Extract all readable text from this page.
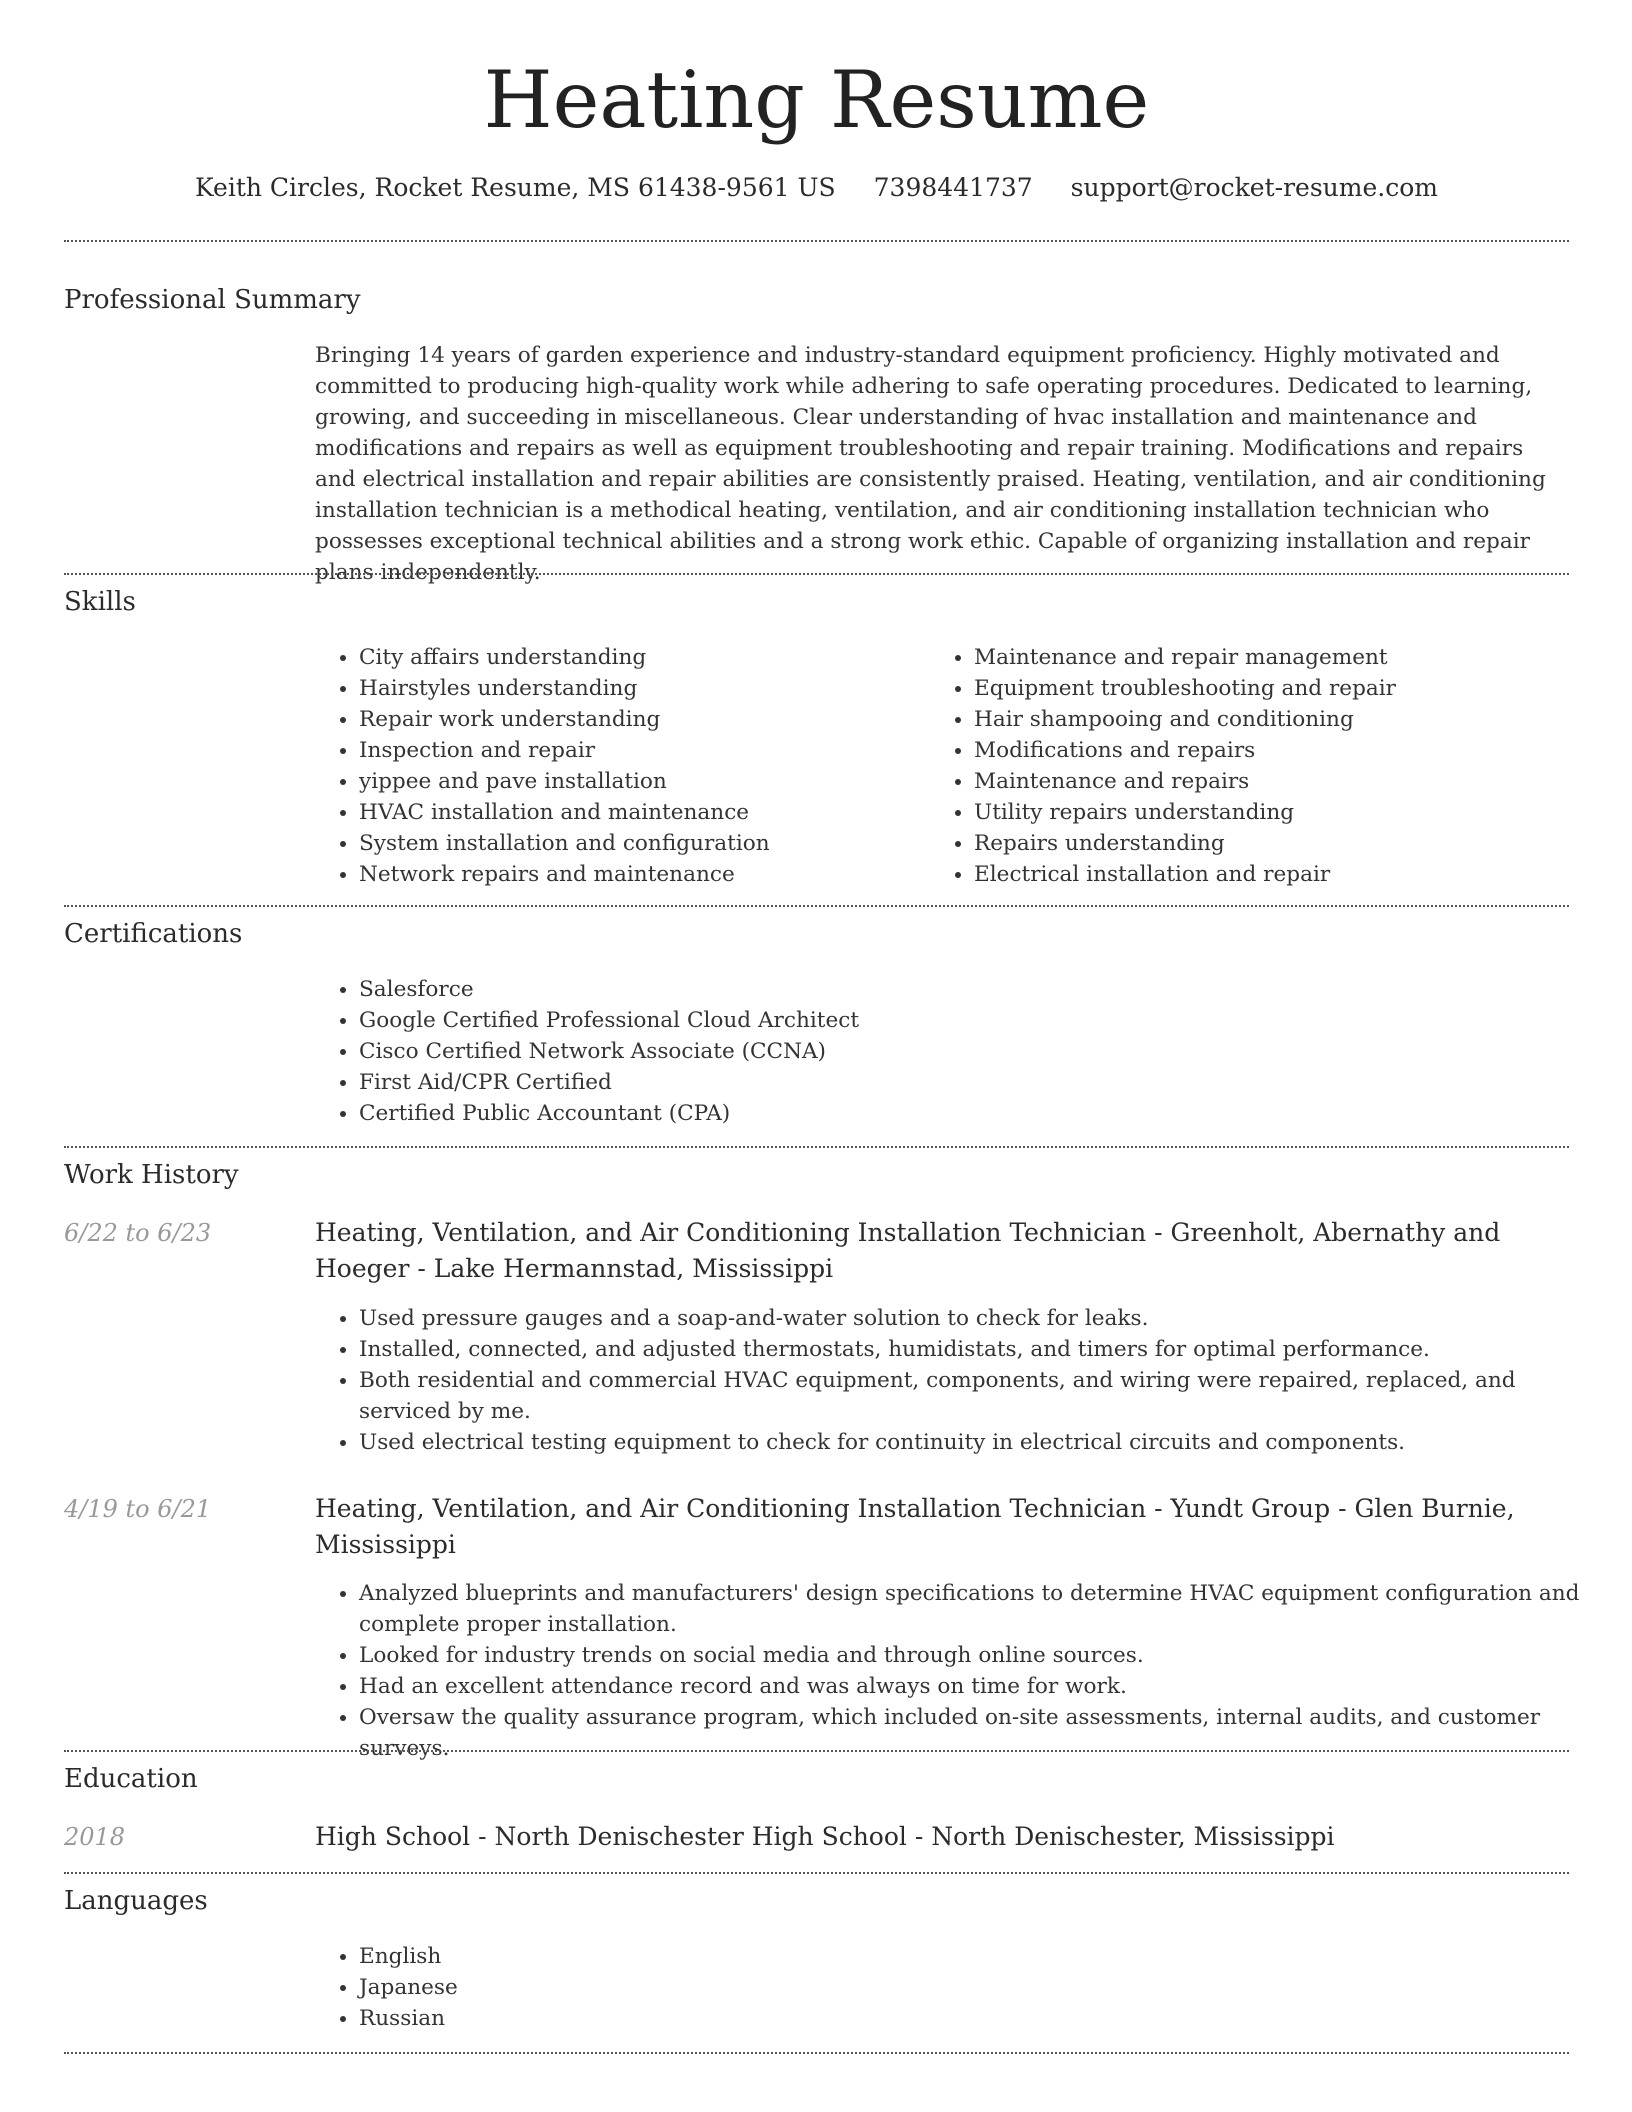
Heating Resume
Keith Circles, Rocket Resume, MS 61438-9561 US 7398441737 support@rocket-resume.com
Professional Summary
Bringing 14 years of garden experience and industry-standard equipment proficiency. Highly motivated and committed to producing high-quality work while adhering to safe operating procedures. Dedicated to learning, growing, and succeeding in miscellaneous. Clear understanding of hvac installation and maintenance and modifications and repairs as well as equipment troubleshooting and repair training. Modifications and repairs and electrical installation and repair abilities are consistently praised. Heating, ventilation, and air conditioning installation technician is a methodical heating, ventilation, and air conditioning installation technician who possesses exceptional technical abilities and a strong work ethic. Capable of organizing installation and repair plans independently.
Skills
• City affairs understanding
• Hairstyles understanding
• Repair work understanding
• Inspection and repair
• yippee and pave installation
• HVAC installation and maintenance
• System installation and configuration
• Network repairs and maintenance
• Maintenance and repair management
• Equipment troubleshooting and repair
• Hair shampooing and conditioning
• Modifications and repairs
• Maintenance and repairs
• Utility repairs understanding
• Repairs understanding
• Electrical installation and repair
Certifications
• Salesforce
• Google Certified Professional Cloud Architect
• Cisco Certified Network Associate (CCNA)
• First Aid/CPR Certified
• Certified Public Accountant (CPA)
Work History
6/22 to 6/23	Heating, Ventilation, and Air Conditioning Installation Technician - Greenholt, Abernathy and Hoeger - Lake Hermannstad, Mississippi
• Used pressure gauges and a soap-and-water solution to check for leaks.
• Installed, connected, and adjusted thermostats, humidistats, and timers for optimal performance.
• Both residential and commercial HVAC equipment, components, and wiring were repaired, replaced, and serviced by me.
• Used electrical testing equipment to check for continuity in electrical circuits and components.
4/19 to 6/21	Heating, Ventilation, and Air Conditioning Installation Technician - Yundt Group - Glen Burnie, Mississippi
• Analyzed blueprints and manufacturers' design specifications to determine HVAC equipment configuration and complete proper installation.
• Looked for industry trends on social media and through online sources.
• Had an excellent attendance record and was always on time for work.
• Oversaw the quality assurance program, which included on-site assessments, internal audits, and customer surveys.
Education
2018	High School - North Denischester High School - North Denischester, Mississippi
Languages
• English
• Japanese
• Russian
